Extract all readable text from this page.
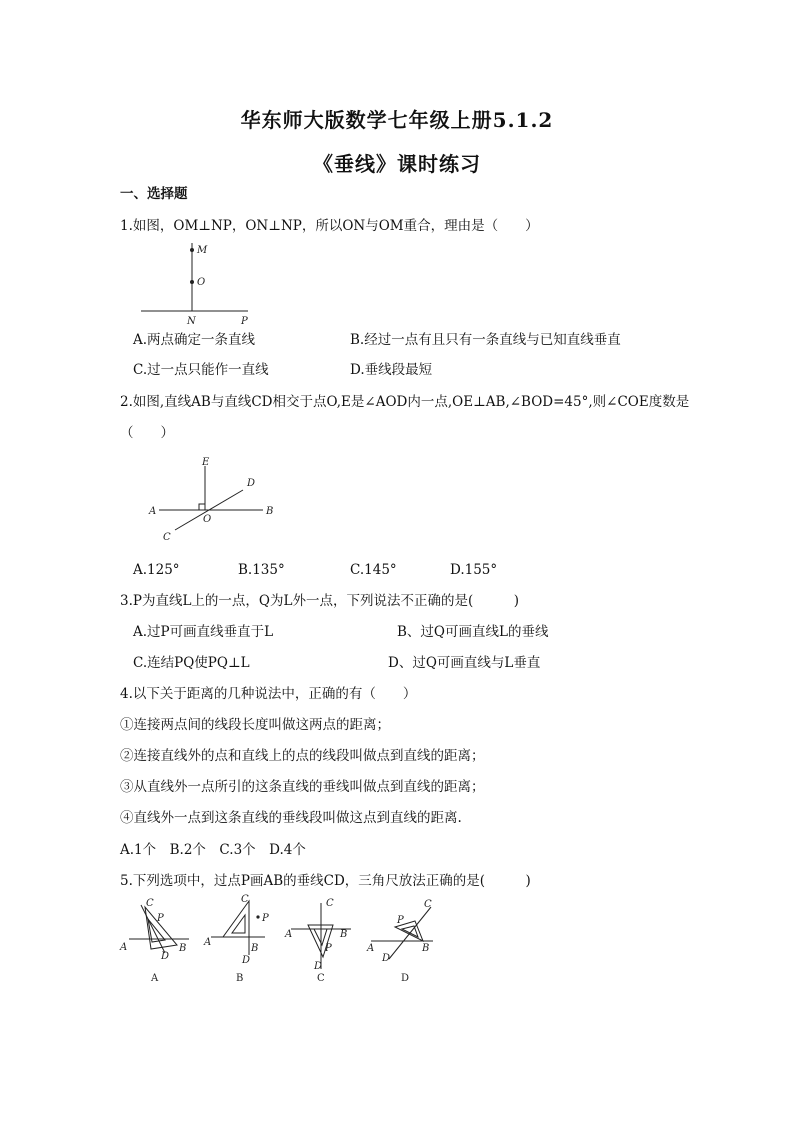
华东师大版数学七年级上册5.1.2
《垂线》课时练习
一、选择题
1.如图，OM⊥NP，ON⊥NP，所以ON与OM重合，理由是（　　）
M
O
N	P
A.两点确定一条直线	B.经过一点有且只有一条直线与已知直线垂直
C.过一点只能作一直线	D.垂线段最短
2.如图,直线AB与直线CD相交于点O,E是∠AOD内一点,OE⊥AB,∠BOD=45°,则∠COE度数是
（　　）
E
D
A
O
B
C
A.125°	B.135°	C.145°	D.155°
3.P为直线L上的一点，Q为L外一点，下列说法不正确的是(　　　)
A.过P可画直线垂直于L	B、过Q可画直线L的垂线
C.连结PQ使PQ⊥L	D、过Q可画直线与L垂直
4.以下关于距离的几种说法中，正确的有（　　）
①连接两点间的线段长度叫做这两点的距离；
②连接直线外的点和直线上的点的线段叫做点到直线的距离；
③从直线外一点所引的这条直线的垂线叫做点到直线的距离；
④直线外一点到这条直线的垂线段叫做这点到直线的距离.
A.1个　B.2个　C.3个　D.4个
5.下列选项中，过点P画AB的垂线CD，三角尺放法正确的是(　　　)
C
P
A
D
B
A
C
P
A
B
D
B
C
A	B
P
D
C
C
P
A
D
B
D
